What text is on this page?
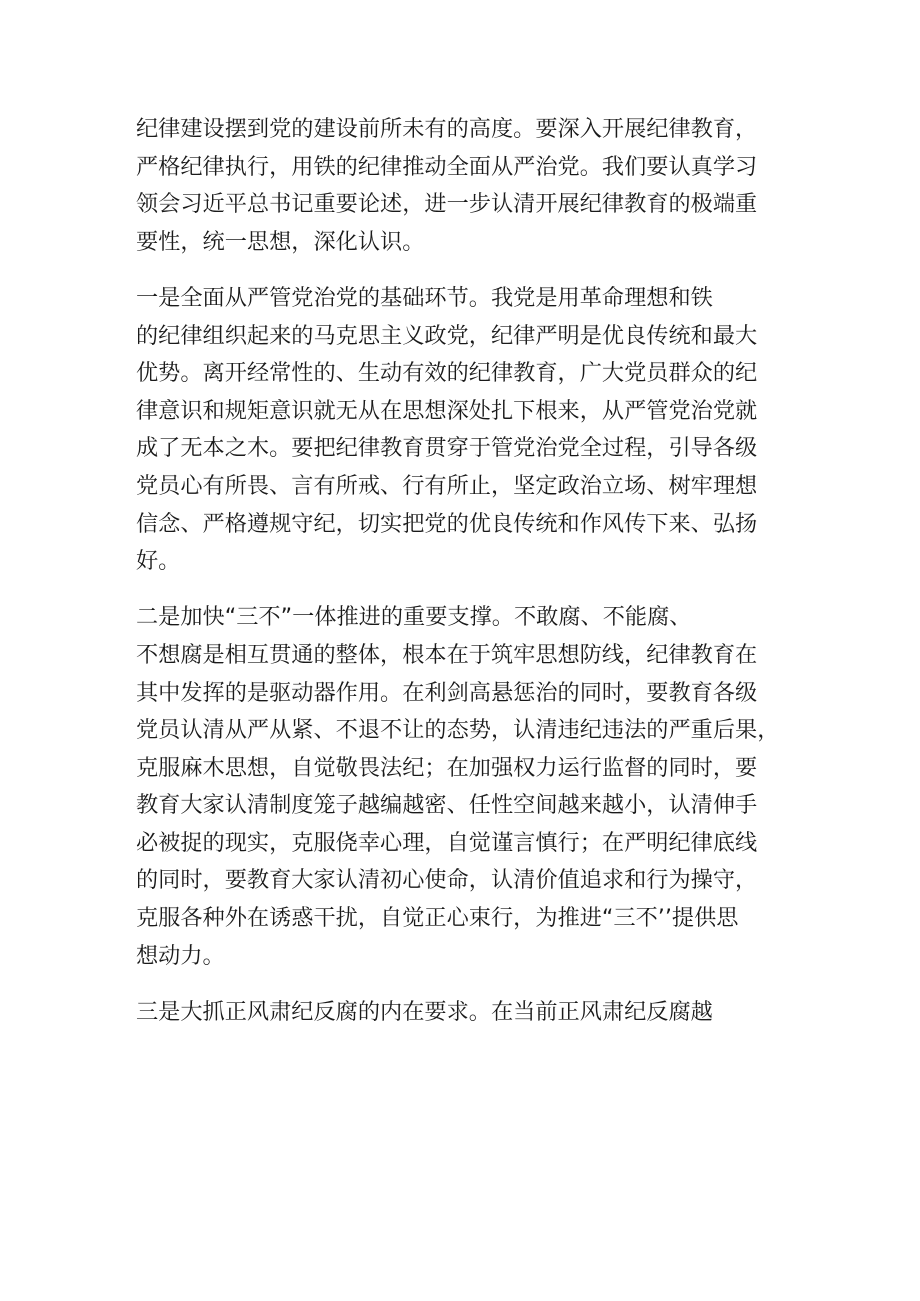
纪律建设摆到党的建设前所未有的高度。要深入开展纪律教育，
严格纪律执行，用铁的纪律推动全面从严治党。我们要认真学习
领会习近平总书记重要论述，进一步认清开展纪律教育的极端重
要性，统一思想，深化认识。

一是全面从严管党治党的基础环节。我党是用革命理想和铁
的纪律组织起来的马克思主义政党，纪律严明是优良传统和最大
优势。离开经常性的、生动有效的纪律教育，广大党员群众的纪
律意识和规矩意识就无从在思想深处扎下根来，从严管党治党就
成了无本之木。要把纪律教育贯穿于管党治党全过程，引导各级
党员心有所畏、言有所戒、行有所止，坚定政治立场、树牢理想
信念、严格遵规守纪，切实把党的优良传统和作风传下来、弘扬
好。

二是加快“三不”一体推进的重要支撑。不敢腐、不能腐、
不想腐是相互贯通的整体，根本在于筑牢思想防线，纪律教育在
其中发挥的是驱动器作用。在利剑高悬惩治的同时，要教育各级
党员认清从严从紧、不退不让的态势，认清违纪违法的严重后果，
克服麻木思想，自觉敬畏法纪；在加强权力运行监督的同时，要
教育大家认清制度笼子越编越密、任性空间越来越小，认清伸手
必被捉的现实，克服侥幸心理，自觉谨言慎行；在严明纪律底线
的同时，要教育大家认清初心使命，认清价值追求和行为操守，
克服各种外在诱惑干扰，自觉正心束行，为推进“三不’’提供思
想动力。

三是大抓正风肃纪反腐的内在要求。在当前正风肃纪反腐越
